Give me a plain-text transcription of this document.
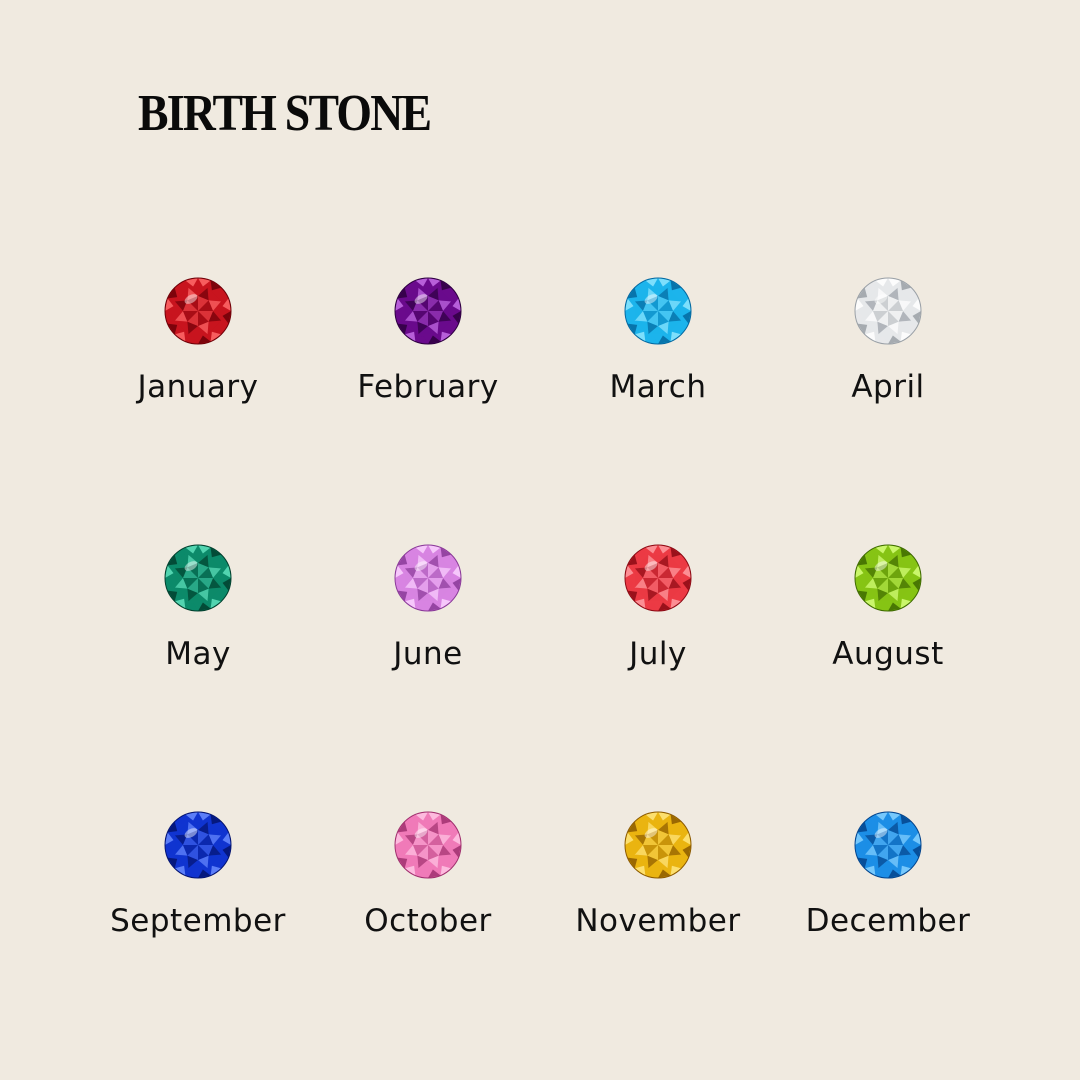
BIRTH STONE
January	February	March	April
May	June	July	August
September	October	November December
